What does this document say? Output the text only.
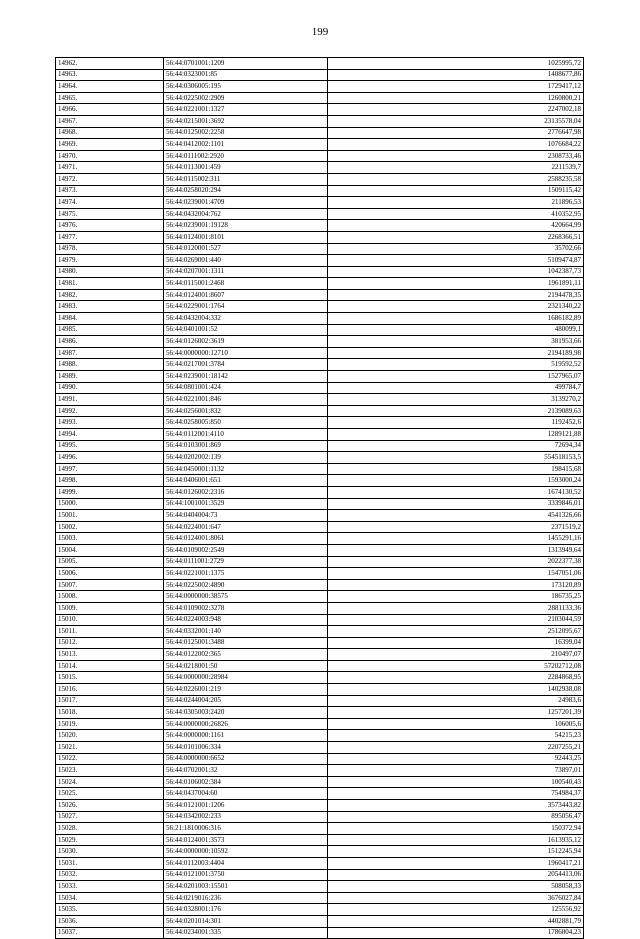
199
14962.	56:44:0701001:1209	1025995,72
14963.	56:44:0323001:85	1408677,86
14964.	56:44:0306005:195	1729417,12
14965.	56:44:0225002:2909	1260800,21
14966.	56:44:0221001:1327	2247002,18
14967.	56:44:0215001:3692	23135578,04
14968.	56:44:0125002:2258	2776647,98
14969.	56:44:0412002:1101	1076684,22
14970.	56:44:0111002:2920	2308733,46
14971.	56:44:0113001:459	2211539,7
14972.	56:44:0115002:311	2588235,58
14973.	56:44:0258020:294	1509115,42
14974.	56:44:0239001:4709	211896,53
14975.	56:44:0432004:762	410352,95
14976.	56:44:0239001:19128	420664,99
14977.	56:44:0124001:8101	2268366,51
14978.	56:44:0120001:527	35702,66
14979.	56:44:0269001:440	5109474,87
14980.	56:44:0207001:1311	1042387,73
14981.	56:44:0115001:2468	1961891,11
14982.	56:44:0124001:8607	2194478,35
14983.	56:44:0229001:1764	2321340,22
14984.	56:44:0432004:332	1686182,89
14985.	56:44:0401001:52	480099,1
14986.	56:44:0126002:3619	381953,66
14987.	56:44:0000000:12710	2194189,98
14988.	56:44:0217001:3784	519592,52
14989.	56:44:0239001:18142	1527965,07
14990.	56:44:0801001:424	499784,7
14991.	56:44:0221001:846	3139270,2
14992.	56:44:0256001:832	2139089,63
14993.	56:44:0258005:850	1192452,6
14994.	56:44:0112001:4110	1289121,88
14995.	56:44:0103001:869	72694,34
14996.	56:44:0202002:139	554518153,5
14997.	56:44:0450001:1132	198415,68
14998.	56:44:0406001:651	1593000,24
14999.	56:44:0126002:2316	1674130,52
15000.	56:44:1001001:3529	3339846,01
15001.	56:44:0404004:73	4541326,66
15002.	56:44:0224001:647	2371519,2
15003.	56:44:0124001:8061	1455291,16
15004.	56:44:0109002:2549	1313949,64
15005.	56:44:0111001:2729	2022377,38
15006.	56:44:0221001:1375	1547051,06
15007.	56:44:0225002:4890	173120,89
15008.	56:44:0000000:38575	186735,25
15009.	56:44:0109002:3278	2881133,36
15010.	56:44:0224003:948	2103044,59
15011.	56:44:0332001:140	2512095,67
15012.	56:44:0125001:3488	16399,04
15013.	56:44:0122002:365	210497,07
15014.	56:44:0218001:50	57202712,08
15015.	56:44:0000000:28984	2284868,95
15016.	56:44:0226001:219	1402938,08
15017.	56:44:0244004:205	24983,6
15018.	56:44:0305003:2420	1257201,39
15019.	56:44:0000000:26826	106005,6
15020.	56:44:0000000:1161	54215,23
15021.	56:44:0101006:334	2207255,21
15022.	56:44:0000000:6652	92443,25
15023.	56:44:0702001:32	73897,01
15024.	56:44:0106002:384	100540,43
15025.	56:44:0437004:60	754984,37
15026.	56:44:0121001:1206	3573443,82
15027.	56:44:0342002:233	895056,47
15028.	56:21:1810006:316	150372,94
15029.	56:44:0124001:3573	1613935,12
15030.	56:44:0000000:10592	1512245,94
15031.	56:44:0112003:4404	1960417,21
15032.	56:44:0121001:3750	2054413,06
15033.	56:44:0201003:15501	508058,33
15034.	56:44:0219016:236	3676027,84
15035.	56:44:0328001:176	125556,92
15036.	56:44:0201014:301	4402881,79
15037.	56:44:0234001:335	1786804,23
